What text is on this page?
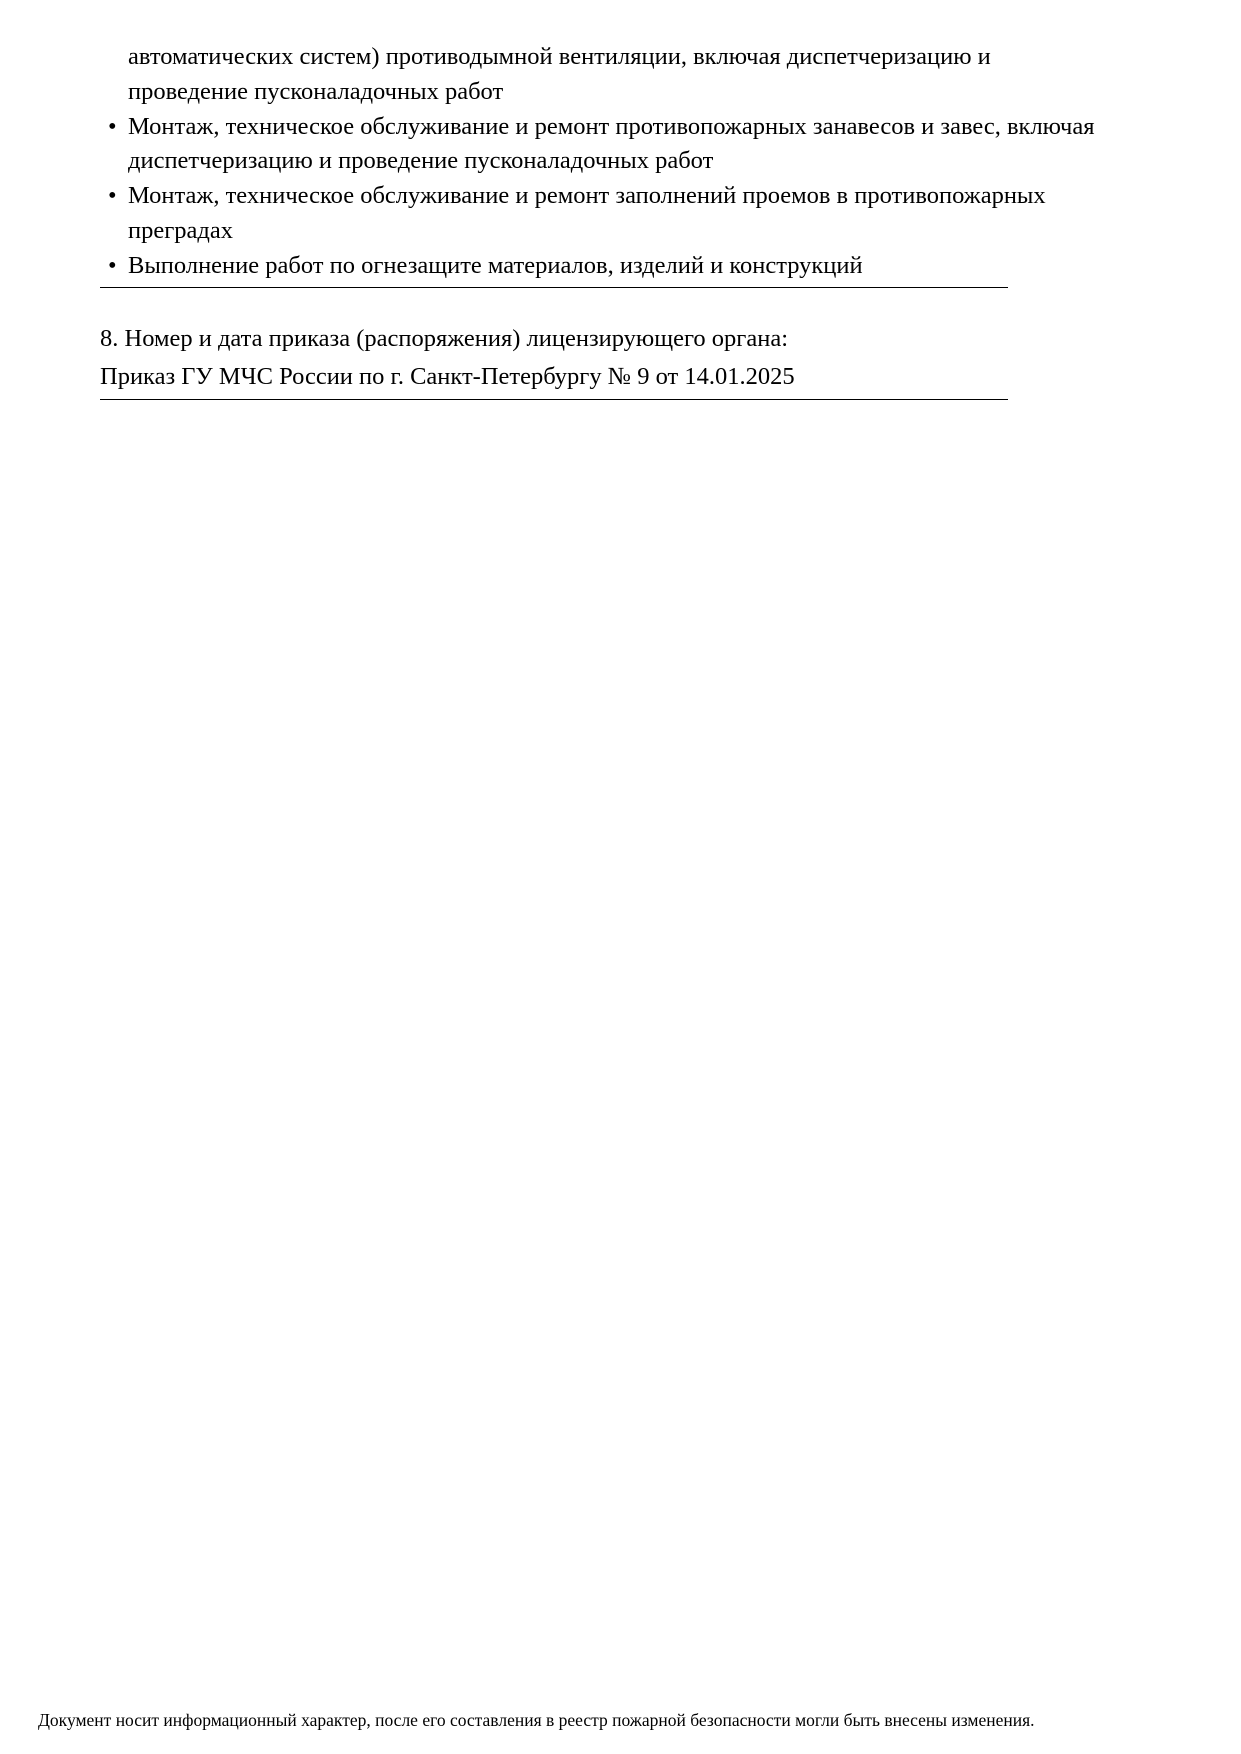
автоматических систем) противодымной вентиляции, включая диспетчеризацию и проведение пусконаладочных работ

• Монтаж, техническое обслуживание и ремонт противопожарных занавесов и завес, включая диспетчеризацию и проведение пусконаладочных работ
• Монтаж, техническое обслуживание и ремонт заполнений проемов в противопожарных преградах
• Выполнение работ по огнезащите материалов, изделий и конструкций

8. Номер и дата приказа (распоряжения) лицензирующего органа:

Приказ ГУ МЧС России по г. Санкт-Петербургу № 9 от 14.01.2025

Документ носит информационный характер, после его составления в реестр пожарной безопасности могли быть внесены изменения.
